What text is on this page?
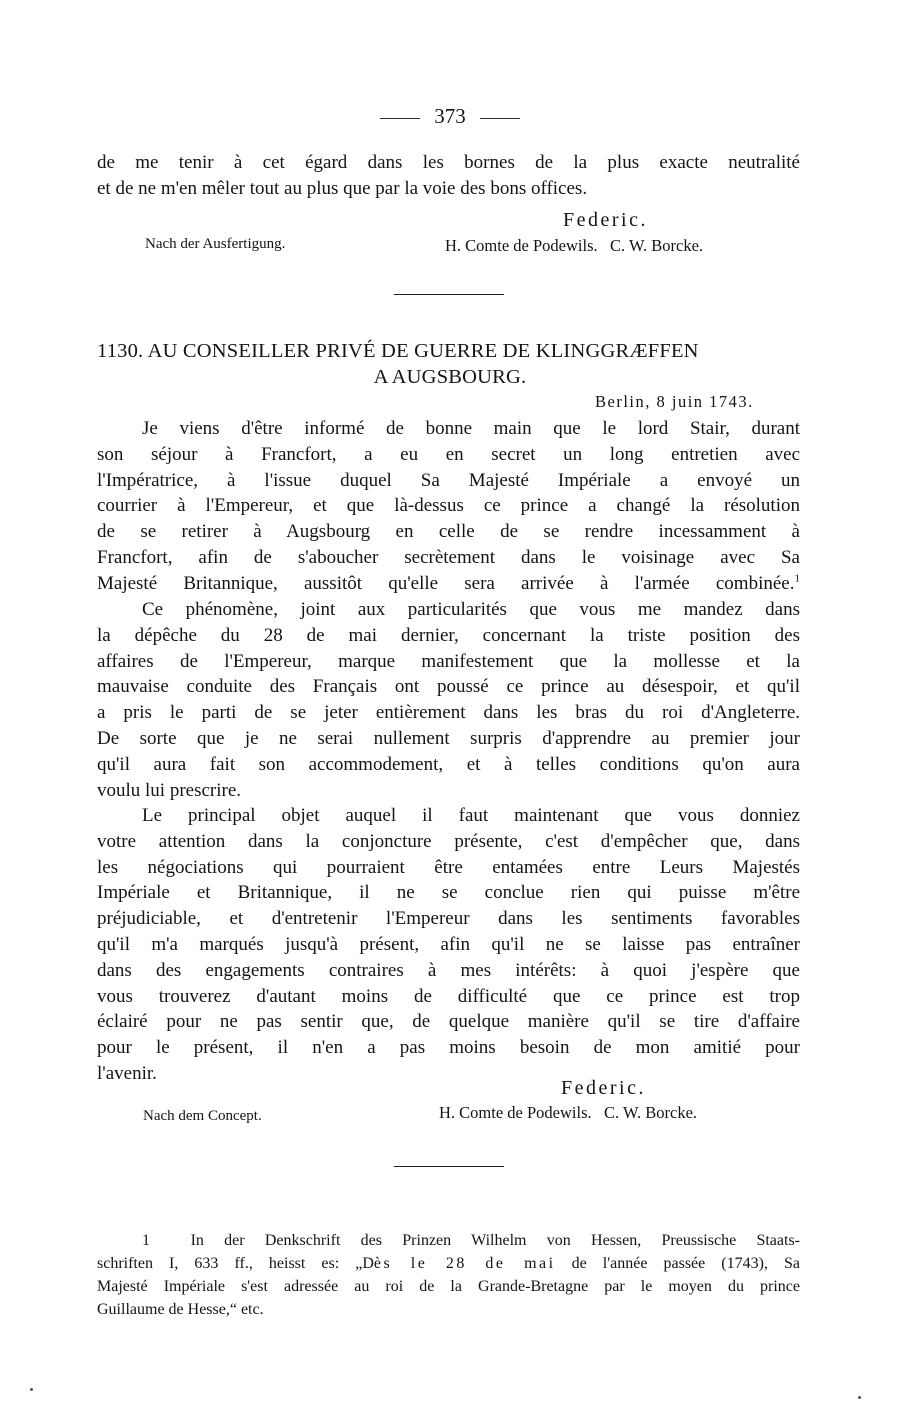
373
de me tenir à cet égard dans les bornes de la plus exacte neutralité
et de ne m'en mêler tout au plus que par la voie des bons offices.
Federic.
Nach der Ausfertigung.	H. Comte de Podewils.   C. W. Borcke.
1130. AU CONSEILLER PRIVÉ DE GUERRE DE KLINGGRÆFFEN
A AUGSBOURG.
Berlin, 8 juin 1743.
Je viens d'être informé de bonne main que le lord Stair, durant
son séjour à Francfort, a eu en secret un long entretien avec
l'Impératrice, à l'issue duquel Sa Majesté Impériale a envoyé un
courrier à l'Empereur, et que là-dessus ce prince a changé la résolution
de se retirer à Augsbourg en celle de se rendre incessamment à
Francfort, afin de s'aboucher secrètement dans le voisinage avec Sa
Majesté Britannique, aussitôt qu'elle sera arrivée à l'armée combinée.$^1$
Ce phénomène, joint aux particularités que vous me mandez dans
la dépêche du 28 de mai dernier, concernant la triste position des
affaires de l'Empereur, marque manifestement que la mollesse et la
mauvaise conduite des Français ont poussé ce prince au désespoir, et qu'il
a pris le parti de se jeter entièrement dans les bras du roi d'Angleterre.
De sorte que je ne serai nullement surpris d'apprendre au premier jour
qu'il aura fait son accommodement, et à telles conditions qu'on aura
voulu lui prescrire.
Le principal objet auquel il faut maintenant que vous donniez
votre attention dans la conjoncture présente, c'est d'empêcher que, dans
les négociations qui pourraient être entamées entre Leurs Majestés
Impériale et Britannique, il ne se conclue rien qui puisse m'être
préjudiciable, et d'entretenir l'Empereur dans les sentiments favorables
qu'il m'a marqués jusqu'à présent, afin qu'il ne se laisse pas entraîner
dans des engagements contraires à mes intérêts: à quoi j'espère que
vous trouverez d'autant moins de difficulté que ce prince est trop
éclairé pour ne pas sentir que, de quelque manière qu'il se tire d'affaire
pour le présent, il n'en a pas moins besoin de mon amitié pour
l'avenir.
Federic.
Nach dem Concept.	H. Comte de Podewils.   C. W. Borcke.
1	In der Denkschrift des Prinzen Wilhelm von Hessen, Preussische Staats-
schriften I, 633 ff., heisst es: „Dès le 28 de mai de l'année passée (1743), Sa
Majesté Impériale s'est adressée au roi de la Grande-Bretagne par le moyen du prince
Guillaume de Hesse,“ etc.
